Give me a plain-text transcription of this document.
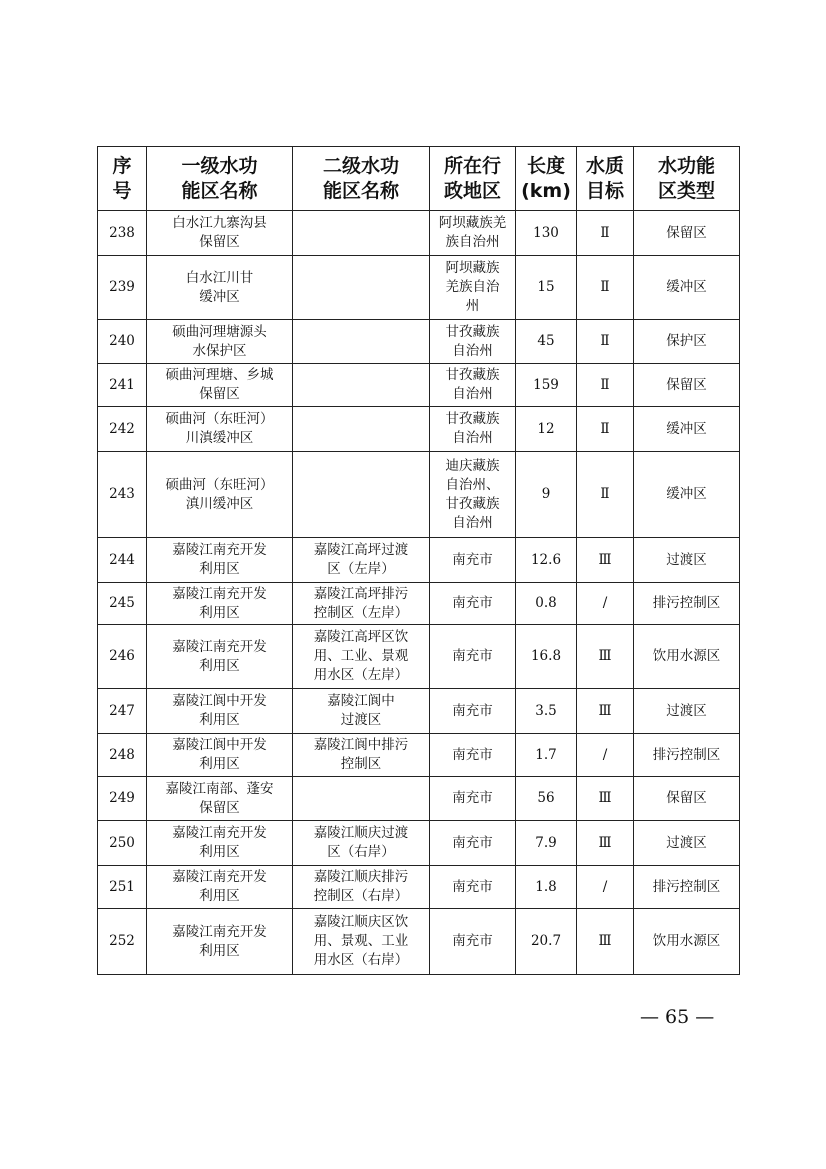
序
号	一级水功
能区名称	二级水功
能区名称	所在行
政地区	长度
(km)	水质
目标	水功能
区类型
238	白水江九寨沟县
保留区		阿坝藏族羌
族自治州	130	Ⅱ	保留区
239	白水江川甘
缓冲区		阿坝藏族
羌族自治
州	15	Ⅱ	缓冲区
240	硕曲河理塘源头
水保护区		甘孜藏族
自治州	45	Ⅱ	保护区
241	硕曲河理塘、乡城
保留区		甘孜藏族
自治州	159	Ⅱ	保留区
242	硕曲河（东旺河）
川滇缓冲区		甘孜藏族
自治州	12	Ⅱ	缓冲区
243	硕曲河（东旺河）
滇川缓冲区		迪庆藏族
自治州、
甘孜藏族
自治州	9	Ⅱ	缓冲区
244	嘉陵江南充开发
利用区	嘉陵江高坪过渡
区（左岸）	南充市	12.6	Ⅲ	过渡区
245	嘉陵江南充开发
利用区	嘉陵江高坪排污
控制区（左岸）	南充市	0.8	/	排污控制区
246	嘉陵江南充开发
利用区	嘉陵江高坪区饮
用、工业、景观
用水区（左岸）	南充市	16.8	Ⅲ	饮用水源区
247	嘉陵江阆中开发
利用区	嘉陵江阆中
过渡区	南充市	3.5	Ⅲ	过渡区
248	嘉陵江阆中开发
利用区	嘉陵江阆中排污
控制区	南充市	1.7	/	排污控制区
249	嘉陵江南部、蓬安
保留区		南充市	56	Ⅲ	保留区
250	嘉陵江南充开发
利用区	嘉陵江顺庆过渡
区（右岸）	南充市	7.9	Ⅲ	过渡区
251	嘉陵江南充开发
利用区	嘉陵江顺庆排污
控制区（右岸）	南充市	1.8	/	排污控制区
252	嘉陵江南充开发
利用区	嘉陵江顺庆区饮
用、景观、工业
用水区（右岸）	南充市	20.7	Ⅲ	饮用水源区
— 65 —
